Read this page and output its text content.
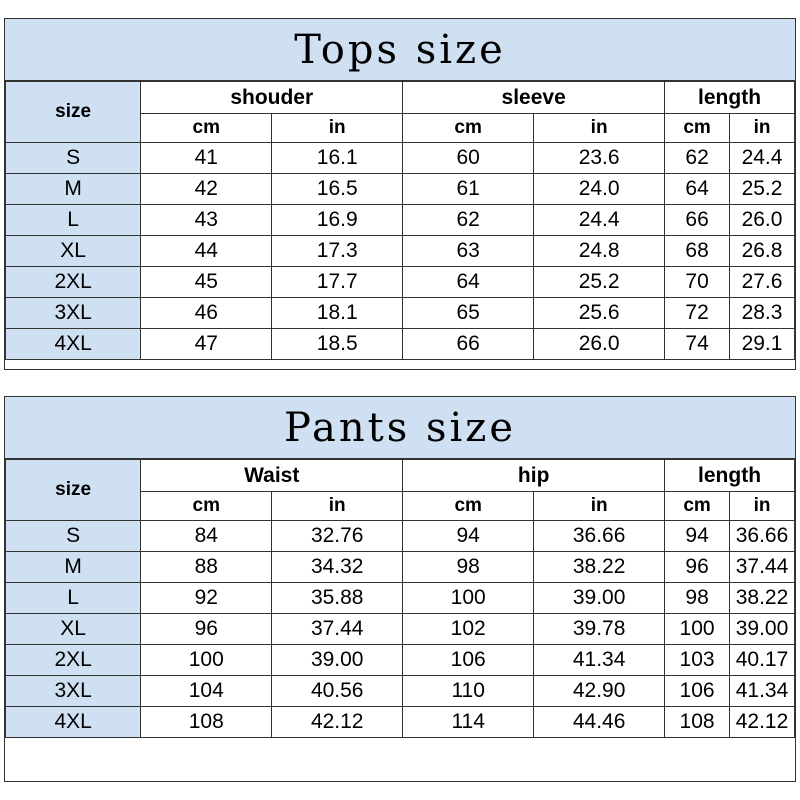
Tops size
size	shouder		sleeve		length	
	cm	in	cm	in	cm	in
S	41	16.1	60	23.6	62	24.4
M	42	16.5	61	24.0	64	25.2
L	43	16.9	62	24.4	66	26.0
XL	44	17.3	63	24.8	68	26.8
2XL	45	17.7	64	25.2	70	27.6
3XL	46	18.1	65	25.6	72	28.3
4XL	47	18.5	66	26.0	74	29.1
Pants size
size	Waist		hip		length	
	cm	in	cm	in	cm	in
S	84	32.76	94	36.66	94	36.66
M	88	34.32	98	38.22	96	37.44
L	92	35.88	100	39.00	98	38.22
XL	96	37.44	102	39.78	100	39.00
2XL	100	39.00	106	41.34	103	40.17
3XL	104	40.56	110	42.90	106	41.34
4XL	108	42.12	114	44.46	108	42.12
